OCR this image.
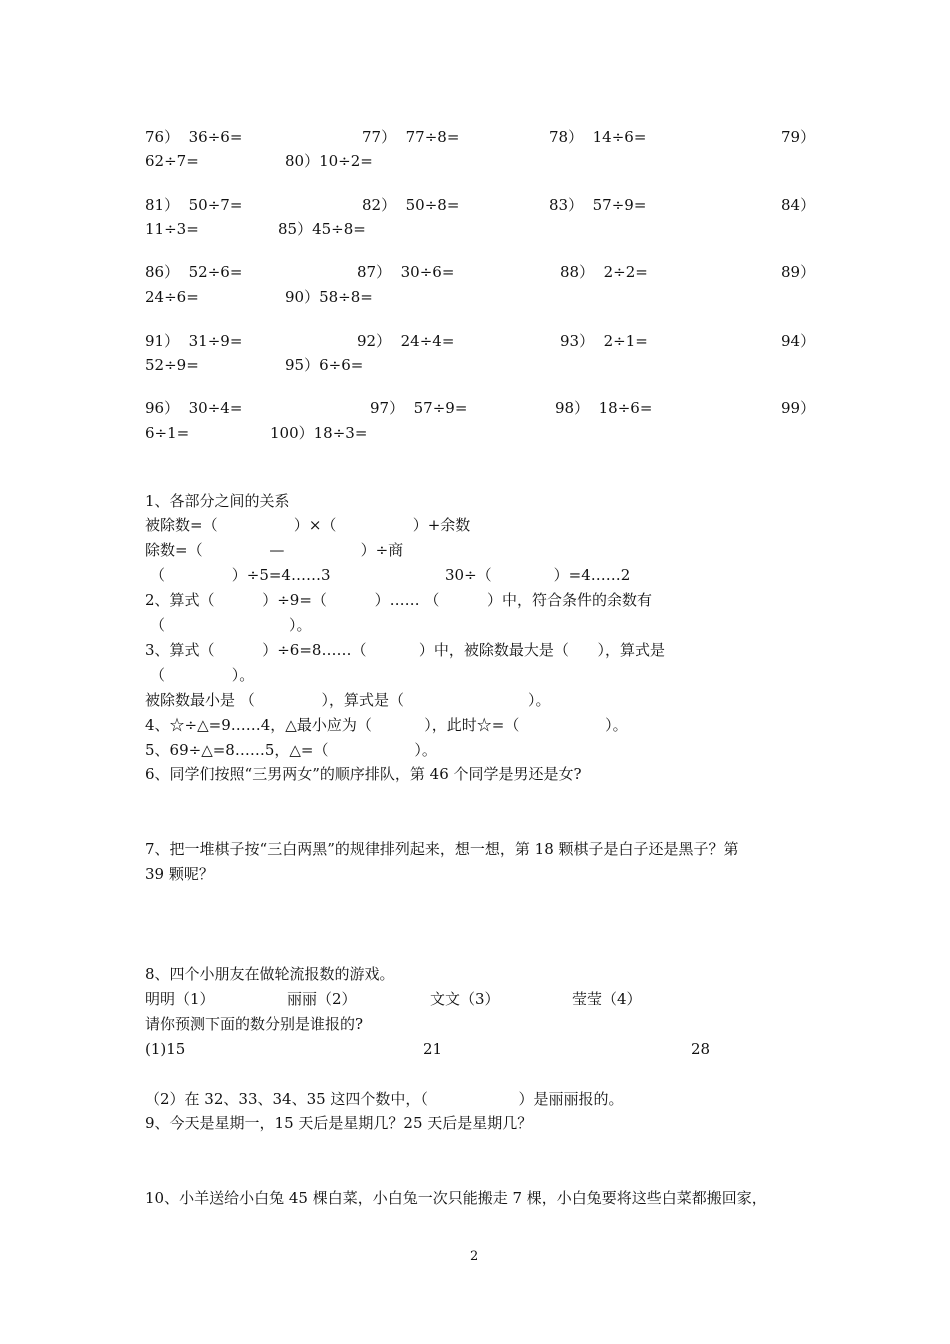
76）  36÷6=	77）  77÷8=	78）  14÷6=	79）
62÷7=	80）10÷2=
81）  50÷7=	82）  50÷8=	83）  57÷9=	84）
11÷3=	85）45÷8=
86）  52÷6=	87）  30÷6=	88）  2÷2=	89）
24÷6=	90）58÷8=
91）  31÷9=	92）  24÷4=	93）  2÷1=	94）
52÷9=	95）6÷6=
96）  30÷4=	97）  57÷9=	98）  18÷6=	99）
6÷1=	100）18÷3=
1、各部分之间的关系
被除数=（                ）×（                ）+余数
除数=（              —                ）÷商
（              ）÷5=4……3	30÷（             ）=4……2
2、算式（          ）÷9=（          ）…… （          ）中，符合条件的余数有
（                          ）。
3、算式（          ）÷6=8……（           ）中，被除数最大是（      ），算式是
（              ）。
被除数最小是 （              ），算式是（                          ）。
4、☆÷△=9……4，△最小应为（           ），此时☆=（                  ）。
5、69÷△=8……5，△=（                  ）。
6、同学们按照“三男两女”的顺序排队，第 46 个同学是男还是女?
7、把一堆棋子按“三白两黑”的规律排列起来，想一想，第 18 颗棋子是白子还是黑子？第
39 颗呢？
8、四个小朋友在做轮流报数的游戏。
明明（1）	丽丽（2）	文文（3）	莹莹（4）
请你预测下面的数分别是谁报的?
(1)15	21	28
（2）在 32、33、34、35 这四个数中，（                   ）是丽丽报的。
9、今天是星期一，15 天后是星期几？25 天后是星期几？
10、小羊送给小白兔 45 棵白菜，小白兔一次只能搬走 7 棵，小白兔要将这些白菜都搬回家，
2
